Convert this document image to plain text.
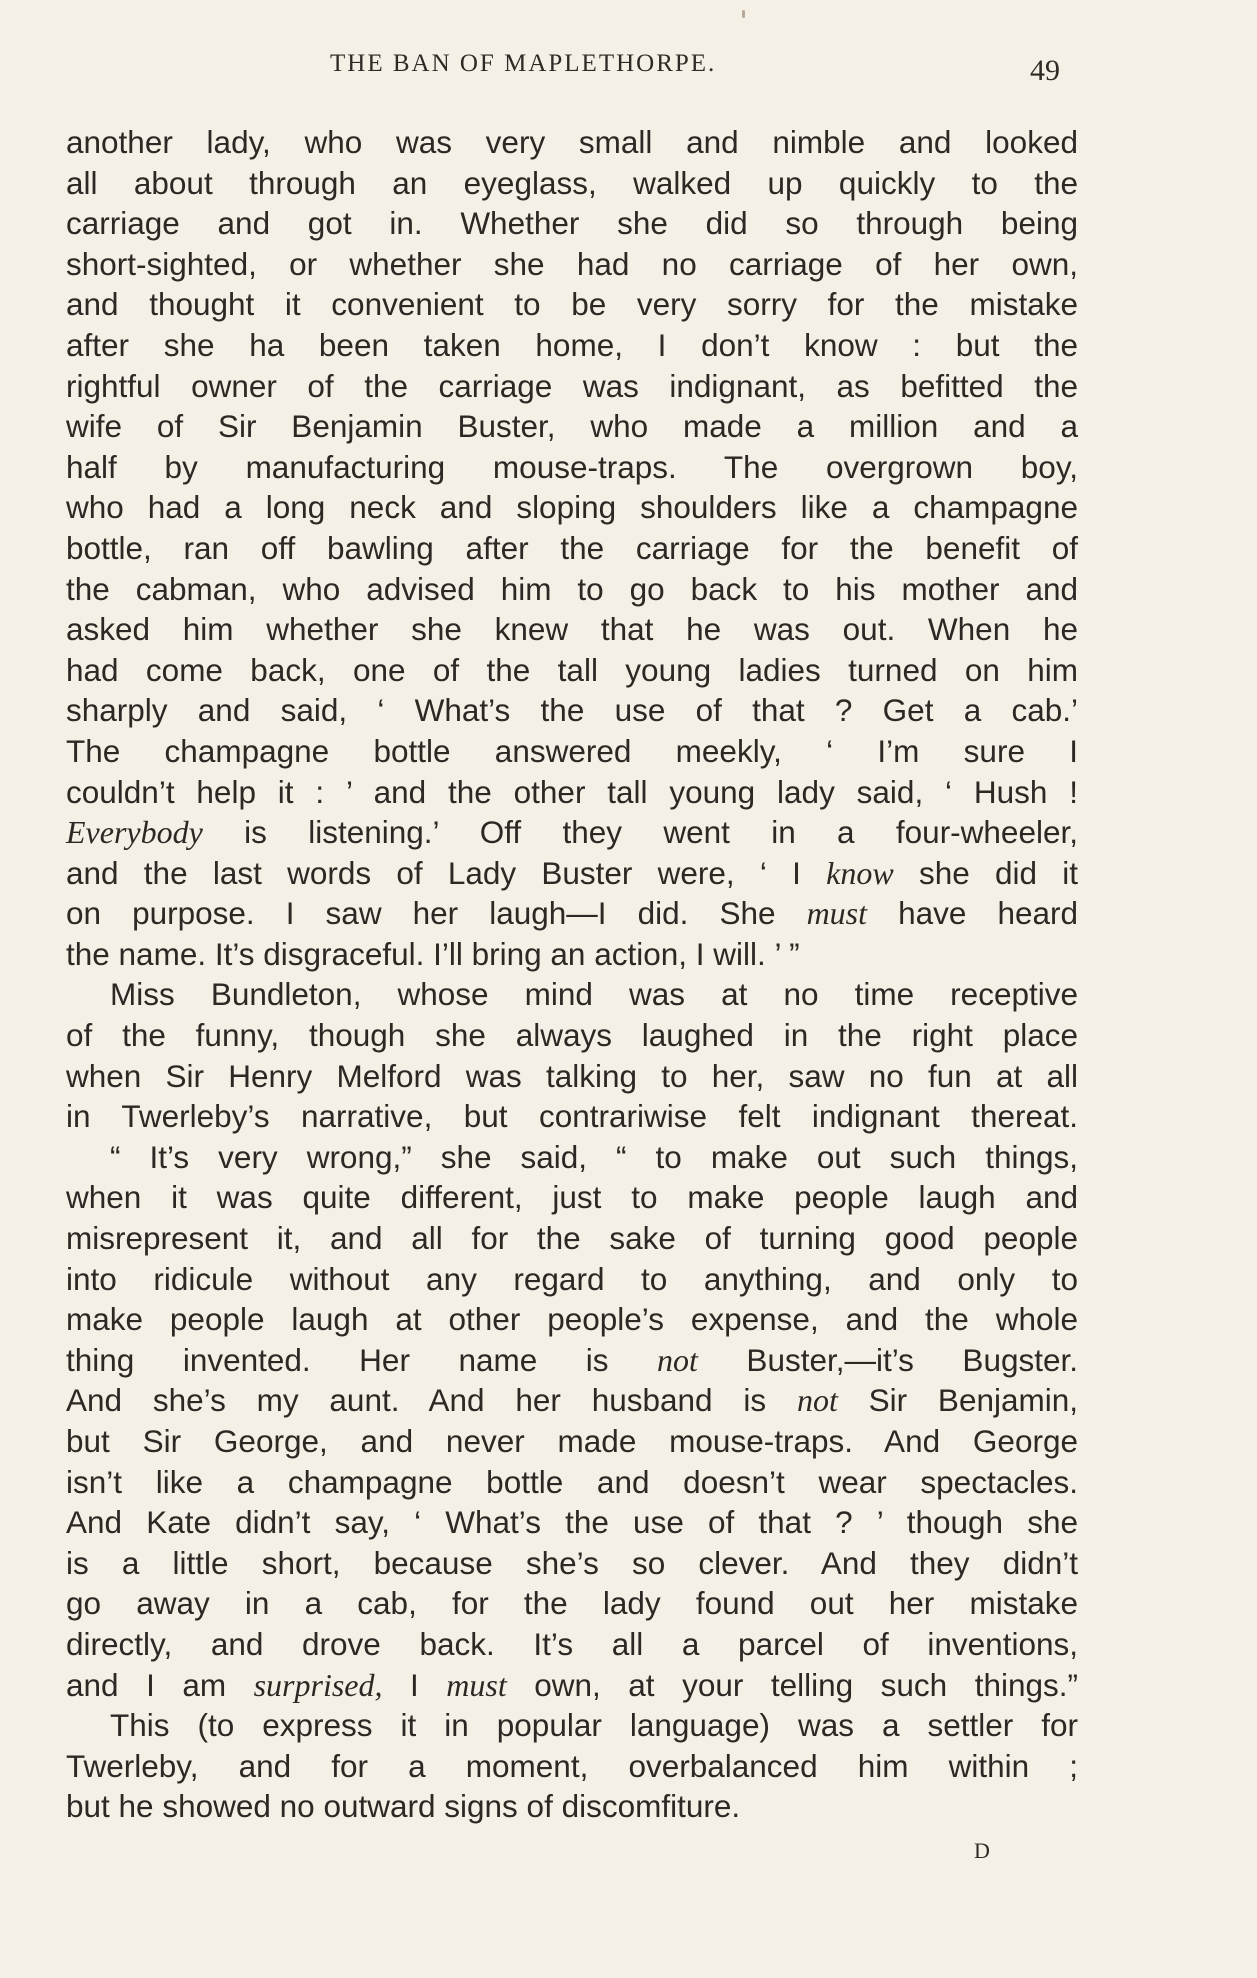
THE BAN OF MAPLETHORPE.	49
another lady, who was very small and nimble and looked
all about through an eyeglass, walked up quickly to the
carriage and got in. Whether she did so through being
short-sighted, or whether she had no carriage of her own,
and thought it convenient to be very sorry for the mistake
after she ha been taken home, I don’t know : but the
rightful owner of the carriage was indignant, as befitted the
wife of Sir Benjamin Buster, who made a million and a
half by manufacturing mouse-traps. The overgrown boy,
who had a long neck and sloping shoulders like a champagne
bottle, ran off bawling after the carriage for the benefit of
the cabman, who advised him to go back to his mother and
asked him whether she knew that he was out. When he
had come back, one of the tall young ladies turned on him
sharply and said, ‘ What’s the use of that ? Get a cab.’
The champagne bottle answered meekly, ‘ I’m sure I
couldn’t help it : ’ and the other tall young lady said, ‘ Hush !
Everybody is listening.’ Off they went in a four-wheeler,
and the last words of Lady Buster were, ‘ I know she did it
on purpose. I saw her laugh—I did. She must have heard
the name. It’s disgraceful. I’ll bring an action, I will. ’ ”
Miss Bundleton, whose mind was at no time receptive
of the funny, though she always laughed in the right place
when Sir Henry Melford was talking to her, saw no fun at all
in Twerleby’s narrative, but contrariwise felt indignant thereat.
“ It’s very wrong,” she said, “ to make out such things,
when it was quite different, just to make people laugh and
misrepresent it, and all for the sake of turning good people
into ridicule without any regard to anything, and only to
make people laugh at other people’s expense, and the whole
thing invented. Her name is not Buster,—it’s Bugster.
And she’s my aunt. And her husband is not Sir Benjamin,
but Sir George, and never made mouse-traps. And George
isn’t like a champagne bottle and doesn’t wear spectacles.
And Kate didn’t say, ‘ What’s the use of that ? ’ though she
is a little short, because she’s so clever. And they didn’t
go away in a cab, for the lady found out her mistake
directly, and drove back. It’s all a parcel of inventions,
and I am surprised, I must own, at your telling such things.”
This (to express it in popular language) was a settler for
Twerleby, and for a moment, overbalanced him within ;
but he showed no outward signs of discomfiture.
D
